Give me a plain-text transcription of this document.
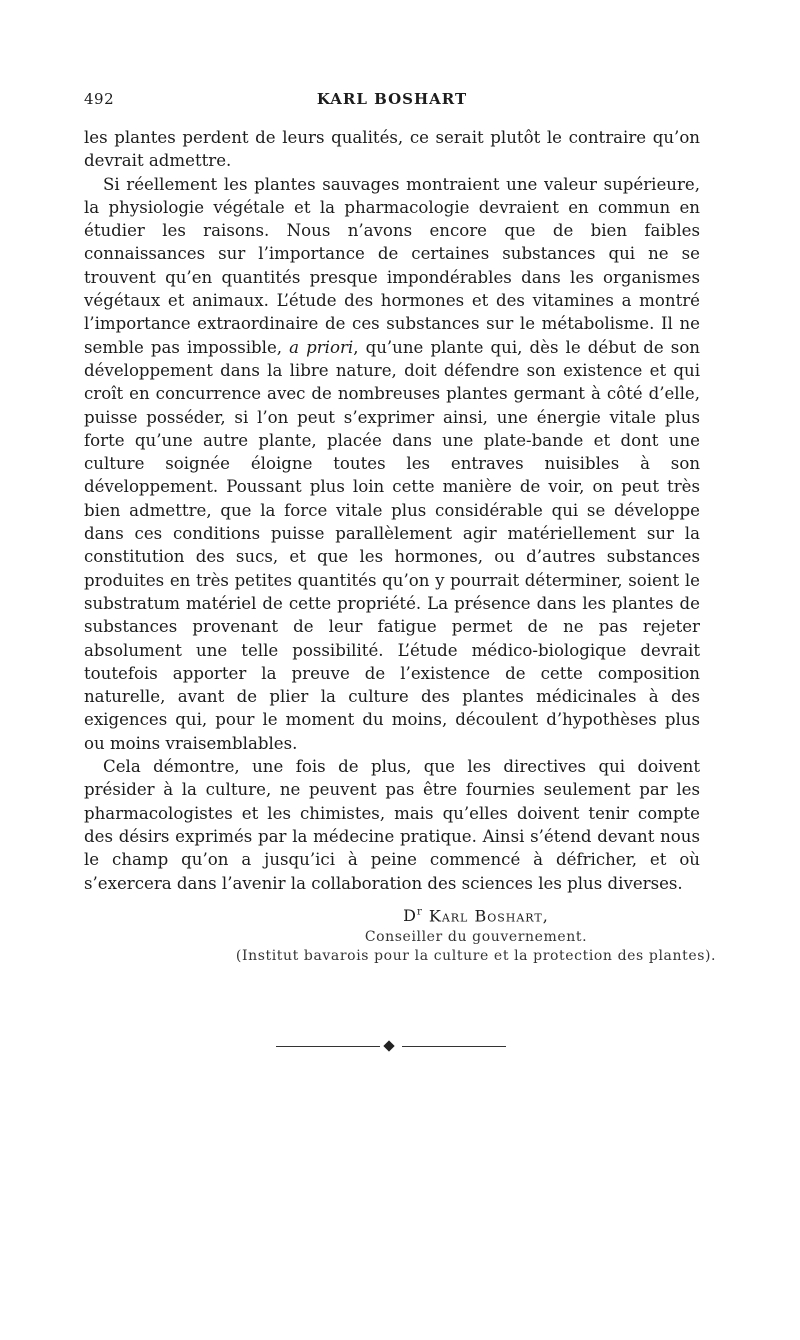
492	KARL BOSHART

les plantes perdent de leurs qualités, ce serait plutôt le contraire qu’on devrait admettre.

Si réellement les plantes sauvages montraient une valeur supérieure, la physiologie végétale et la pharmacologie devraient en commun en étudier les raisons. Nous n’avons encore que de bien faibles connaissances sur l’importance de certaines substances qui ne se trouvent qu’en quantités presque impondérables dans les organismes végétaux et animaux. L’étude des hormones et des vitamines a montré l’importance extraordinaire de ces substances sur le métabolisme. Il ne semble pas impossible, a priori, qu’une plante qui, dès le début de son développement dans la libre nature, doit défendre son existence et qui croît en concurrence avec de nombreuses plantes germant à côté d’elle, puisse posséder, si l’on peut s’exprimer ainsi, une énergie vitale plus forte qu’une autre plante, placée dans une plate-bande et dont une culture soignée éloigne toutes les entraves nuisibles à son développement. Poussant plus loin cette manière de voir, on peut très bien admettre, que la force vitale plus considérable qui se développe dans ces conditions puisse parallèlement agir matériellement sur la constitution des sucs, et que les hormones, ou d’autres substances produites en très petites quantités qu’on y pourrait déterminer, soient le substratum matériel de cette propriété. La présence dans les plantes de substances provenant de leur fatigue permet de ne pas rejeter absolument une telle possibilité. L’étude médico-biologique devrait toutefois apporter la preuve de l’existence de cette composition naturelle, avant de plier la culture des plantes médicinales à des exigences qui, pour le moment du moins, découlent d’hypothèses plus ou moins vraisemblables.

Cela démontre, une fois de plus, que les directives qui doivent présider à la culture, ne peuvent pas être fournies seulement par les pharmacologistes et les chimistes, mais qu’elles doivent tenir compte des désirs exprimés par la médecine pratique. Ainsi s’étend devant nous le champ qu’on a jusqu’ici à peine commencé à défricher, et où s’exercera dans l’avenir la collaboration des sciences les plus diverses.

$D^r$ Karl Boshart,
Conseiller du gouvernement.
(Institut bavarois pour la culture et la protection des plantes).
